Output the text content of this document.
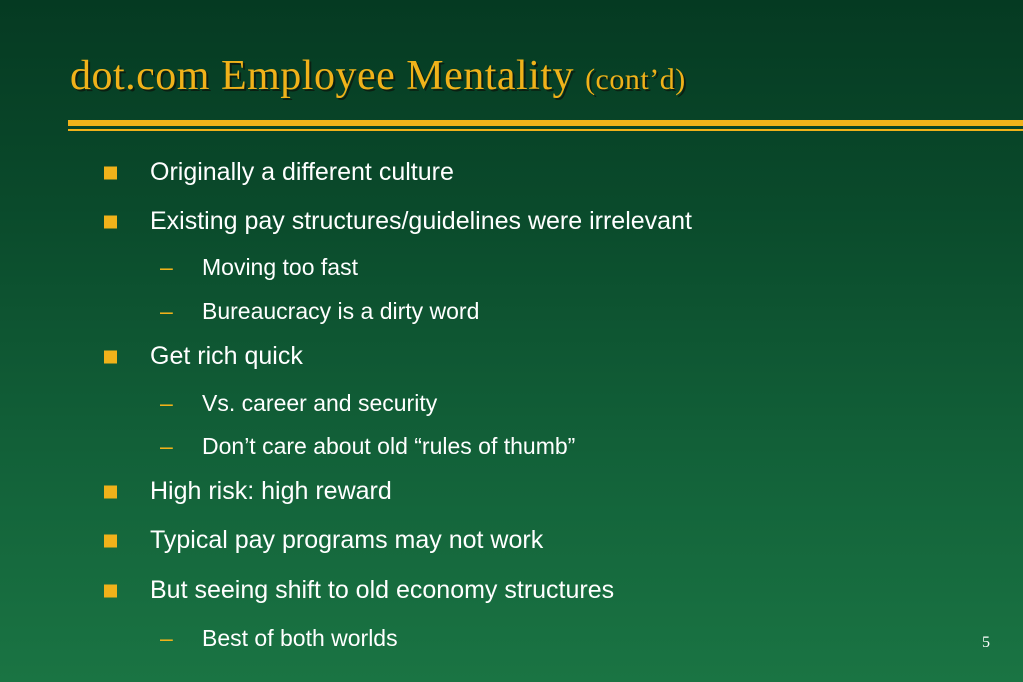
dot.com Employee Mentality (cont’d)
Originally a different culture
Existing pay structures/guidelines were irrelevant
– Moving too fast
– Bureaucracy is a dirty word
Get rich quick
– Vs. career and security
– Don’t care about old “rules of thumb”
High risk: high reward
Typical pay programs may not work
But seeing shift to old economy structures
– Best of both worlds	5
